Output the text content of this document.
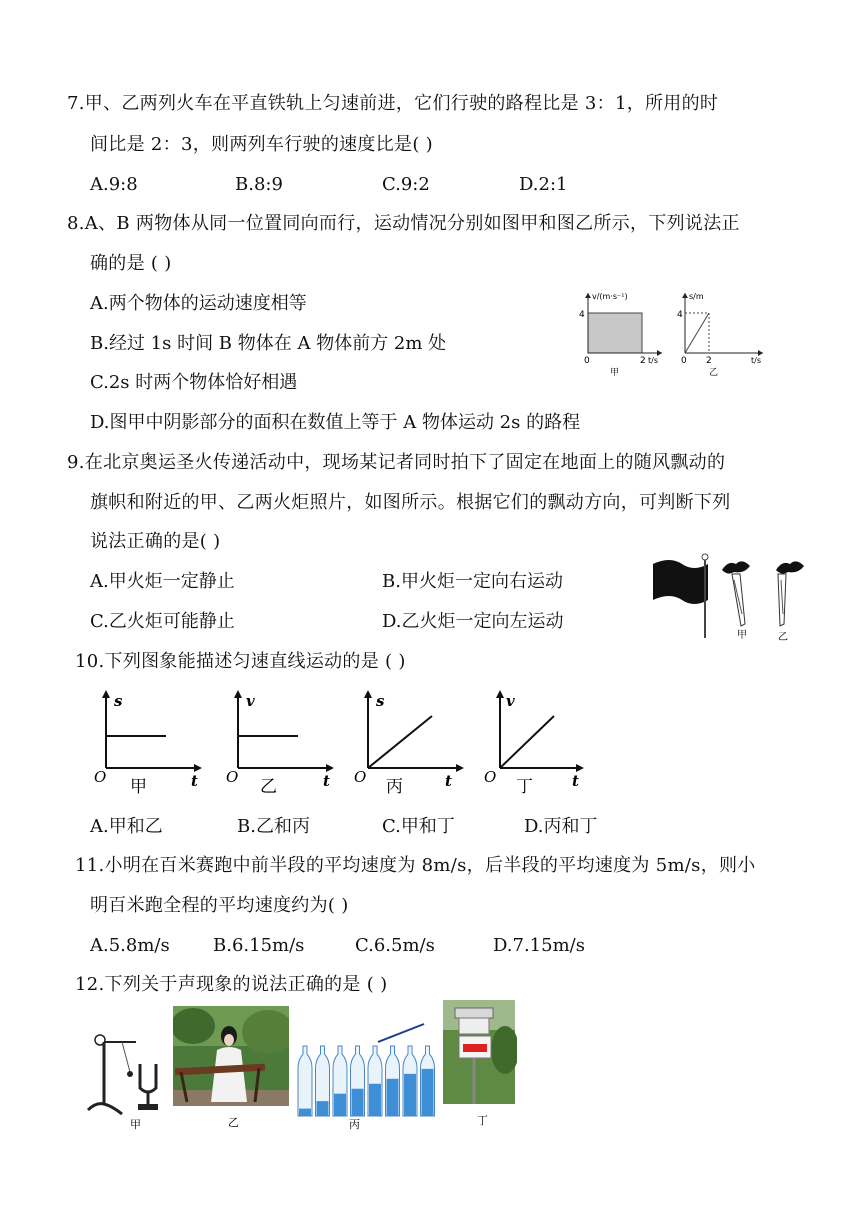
7.甲、乙两列火车在平直铁轨上匀速前进，它们行驶的路程比是 3：1，所用的时
间比是 2：3，则两列车行驶的速度比是( )
A.9:8	B.8:9	C.9:2	D.2:1
8.A、B 两物体从同一位置同向而行，运动情况分别如图甲和图乙所示，下列说法正
确的是 ( )
A.两个物体的运动速度相等
B.经过 1s 时间 B 物体在 A 物体前方 2m 处
C.2s 时两个物体恰好相遇
D.图甲中阴影部分的面积在数值上等于 A 物体运动 2s 的路程
v/(m·s⁻¹)
4
0	2 t/s
甲
s/m
4
0 2	t/s
乙
9.在北京奥运圣火传递活动中，现场某记者同时拍下了固定在地面上的随风飘动的
旗帜和附近的甲、乙两火炬照片，如图所示。根据它们的飘动方向，可判断下列
说法正确的是( )
A.甲火炬一定静止	B.甲火炬一定向右运动
C.乙火炬可能静止	D.乙火炬一定向左运动
甲	乙
10.下列图象能描述匀速直线运动的是 ( )
s
O	t
甲
v
O	t
乙
s
O	t
丙
v
O	t
丁
A.甲和乙	B.乙和丙	C.甲和丁	D.丙和丁
11.小明在百米赛跑中前半段的平均速度为 8m/s，后半段的平均速度为 5m/s，则小
明百米跑全程的平均速度约为( )
A.5.8m/s B.6.15m/s	C.6.5m/s	D.7.15m/s
12.下列关于声现象的说法正确的是 ( )
甲	乙	丙	丁
